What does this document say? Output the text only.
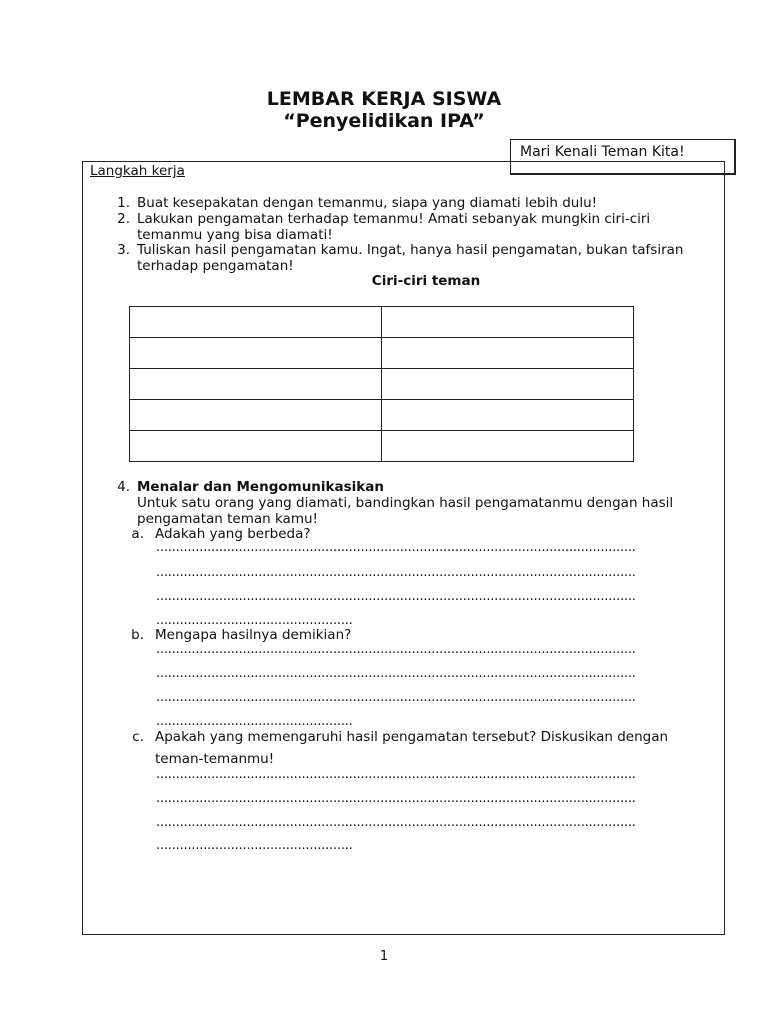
LEMBAR KERJA SISWA
“Penyelidikan IPA”
Mari Kenali Teman Kita!
Langkah kerja
1. Buat kesepakatan dengan temanmu, siapa yang diamati lebih dulu!
2. Lakukan pengamatan terhadap temanmu! Amati sebanyak mungkin ciri-ciri
temanmu yang bisa diamati!
3. Tuliskan hasil pengamatan kamu. Ingat, hanya hasil pengamatan, bukan tafsiran
terhadap pengamatan!
Ciri-ciri teman

4. Menalar dan Mengomunikasikan
Untuk satu orang yang diamati, bandingkan hasil pengamatanmu dengan hasil
pengamatan teman kamu!
a. Adakah yang berbeda?
..........................................................................................................................
..........................................................................................................................
..........................................................................................................................
..................................................
b. Mengapa hasilnya demikian?
..........................................................................................................................
..........................................................................................................................
..........................................................................................................................
..................................................
c. Apakah yang memengaruhi hasil pengamatan tersebut? Diskusikan dengan
teman-temanmu!
..........................................................................................................................
..........................................................................................................................
..........................................................................................................................
..................................................
1
